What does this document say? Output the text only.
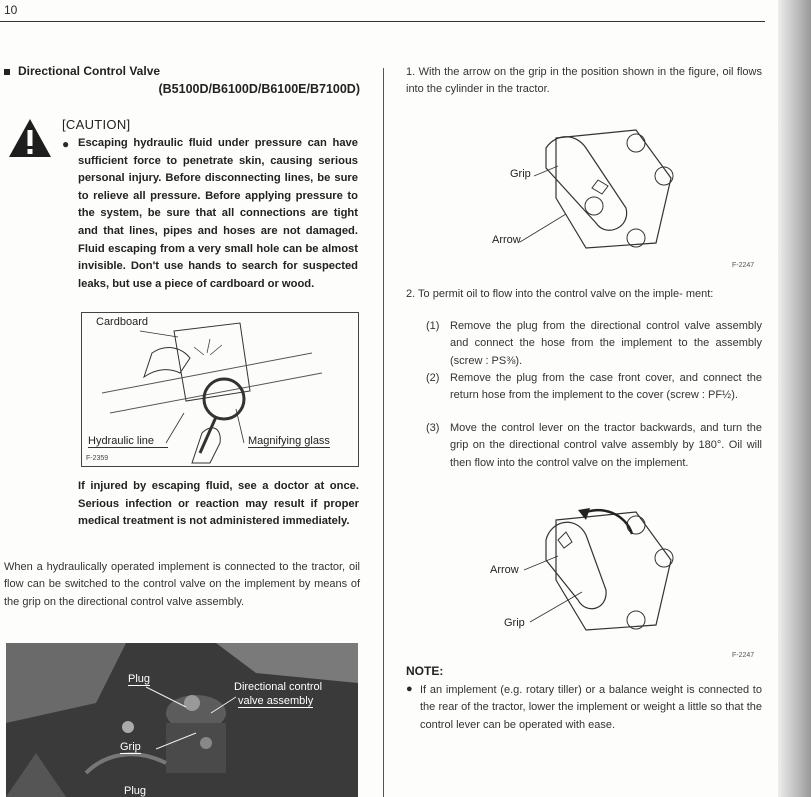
10
Directional Control Valve
(B5100D/B6100D/B6100E/B7100D)
[CAUTION]
● Escaping hydraulic fluid under pressure can have sufficient force to penetrate skin, causing serious personal injury. Before disconnecting lines, be sure to relieve all pressure. Before applying pressure to the system, be sure that all connections are tight and that lines, pipes and hoses are not damaged. Fluid escaping from a very small hole can be almost invisible. Don't use hands to search for suspected leaks, but use a piece of cardboard or wood.
Cardboard
Hydraulic line	Magnifying glass
F-2359
If injured by escaping fluid, see a doctor at once. Serious infection or reaction may result if proper medical treatment is not administered immediately.
When a hydraulically operated implement is connected to the tractor, oil flow can be switched to the control valve on the implement by means of the grip on the directional control valve assembly.
Plug
Directional control
valve assembly
Grip
Plug
1. With the arrow on the grip in the position shown in the figure, oil flows into the cylinder in the tractor.
Grip
Arrow
F-2247
2. To permit oil to flow into the control valve on the imple- ment:
(1) Remove the plug from the directional control valve assembly and connect the hose from the implement to the assembly (screw : PS⅜).
(2) Remove the plug from the case front cover, and connect the return hose from the implement to the cover (screw : PF½).
(3) Move the control lever on the tractor backwards, and turn the grip on the directional control valve assembly by 180°. Oil will then flow into the control valve on the implement.
Arrow
Grip
F-2247
NOTE:
● If an implement (e.g. rotary tiller) or a balance weight is connected to the rear of the tractor, lower the implement or weight a little so that the control lever can be operated with ease.
